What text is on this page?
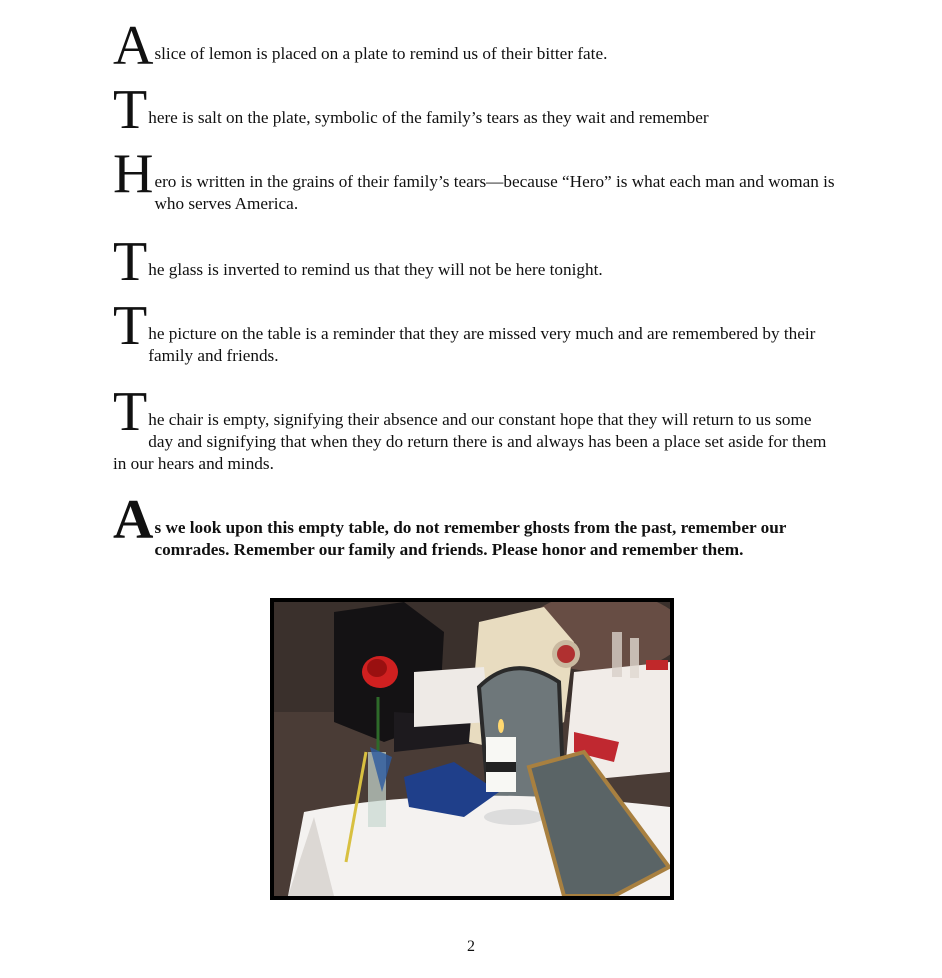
A slice of lemon is placed on a plate to remind us of their bitter fate.

T here is salt on the plate, symbolic of the family’s tears as they wait and remember

H ero is written in the grains of their family’s tears—because “Hero” is what each man and woman is who serves America.

T he glass is inverted to remind us that they will not be here tonight.

T he picture on the table is a reminder that they are missed very much and are remembered by their family and friends.

T he chair is empty, signifying their absence and our constant hope that they will return to us some day and signifying that when they do return there is and always has been a place set aside for them in our hears and minds.

A s we look upon this empty table, do not remember ghosts from the past, remember our comrades. Remember our family and friends. Please honor and remember them.

2
